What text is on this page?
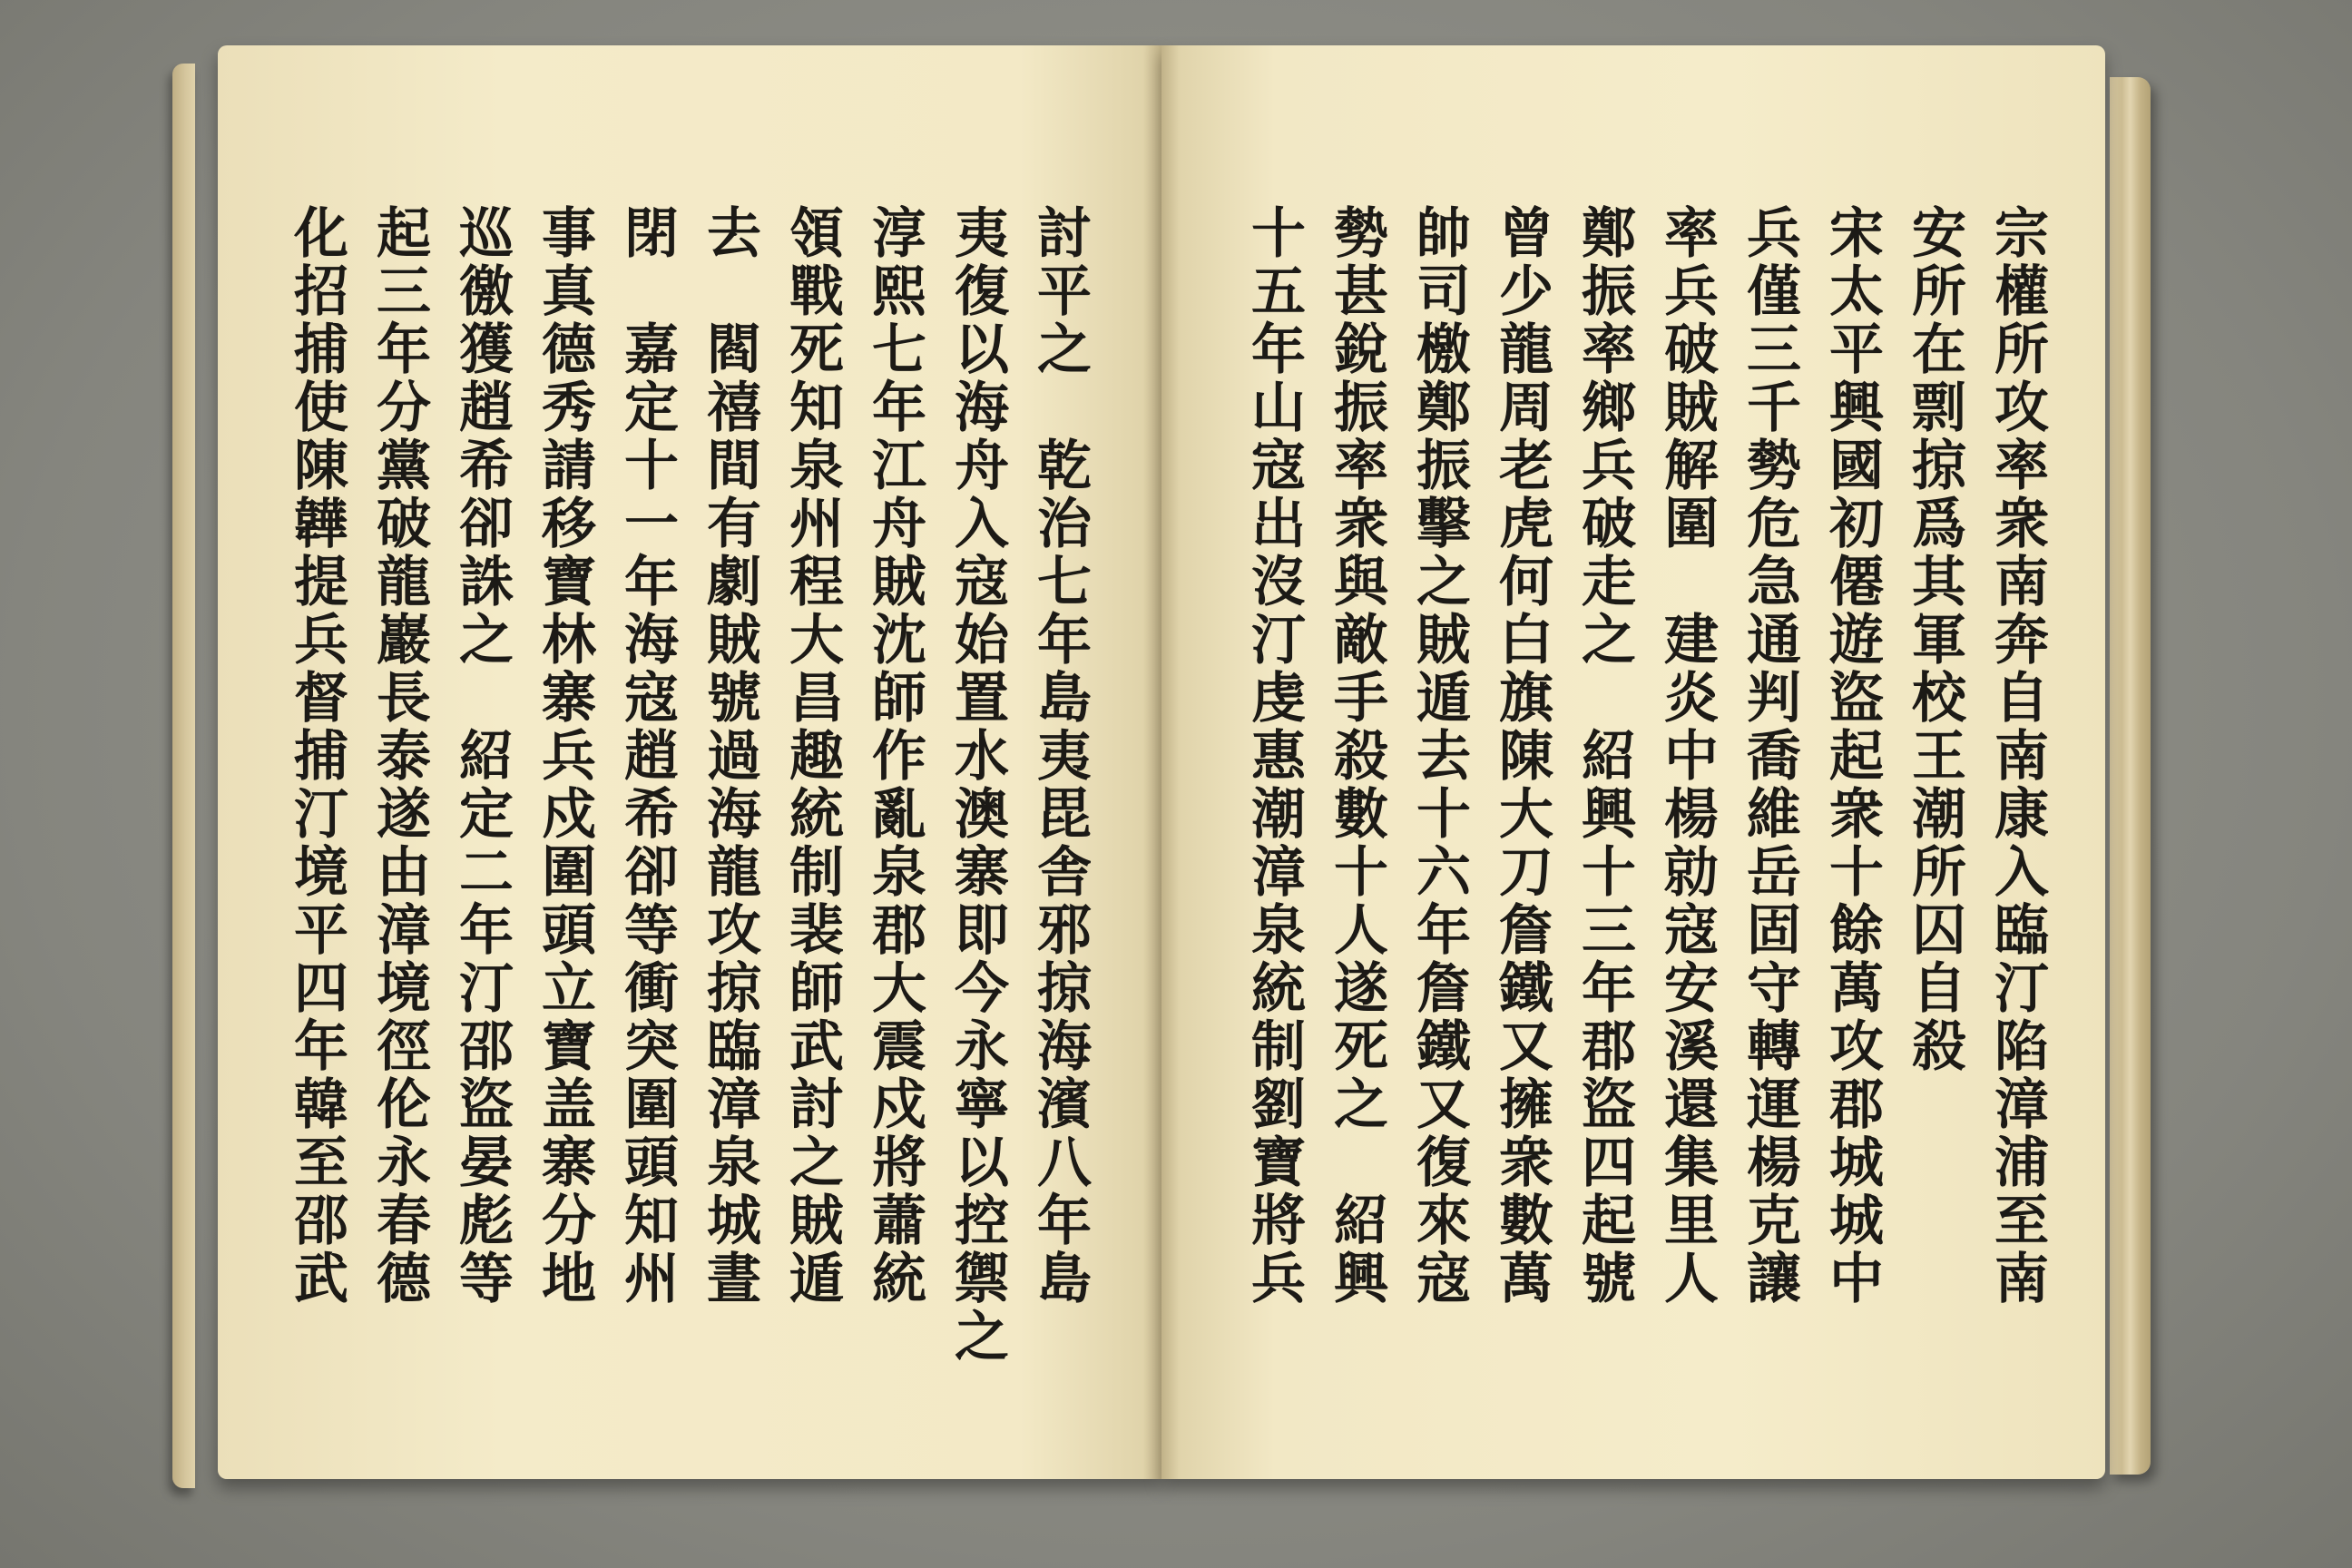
討平之　乾治七年島夷毘舎邪掠海濱八年島
夷復以海舟入寇始置水澳寨即今永寧以控禦之
淳熙七年江舟賊沈師作亂泉郡大震戍將蕭統
領戰死知泉州程大昌趣統制裴師武討之賊遁
去　閻禧間有劇賊號過海龍攻掠臨漳泉城晝
閉　嘉定十一年海寇趙希卻等衝突圍頭知州
事真德秀請移寶林寨兵戍圍頭立寶盖寨分地
巡徼獲趙希卻誅之　紹定二年汀邵盜晏彪等
起三年分黨破龍巖長泰遂由漳境徑伦永春德
化招捕使陳韡提兵督捕汀境平四年韓至邵武	宗權所攻率衆南奔自南康入臨汀陷漳浦至南
安所在剽掠爲其軍校王潮所囚自殺
宋太平興國初僊遊盜起衆十餘萬攻郡城城中
兵僅三千勢危急通判喬維岳固守轉運楊克讓
率兵破賊解圍　建炎中楊勍寇安溪還集里人
鄭振率鄉兵破走之　紹興十三年郡盜四起號
曾少龍周老虎何白旗陳大刀詹鐵又擁衆數萬
帥司檄鄭振擊之賊遁去十六年詹鐵又復來寇
勢甚銳振率衆與敵手殺數十人遂死之　紹興
十五年山寇出沒汀虔惠潮漳泉統制劉寶將兵
